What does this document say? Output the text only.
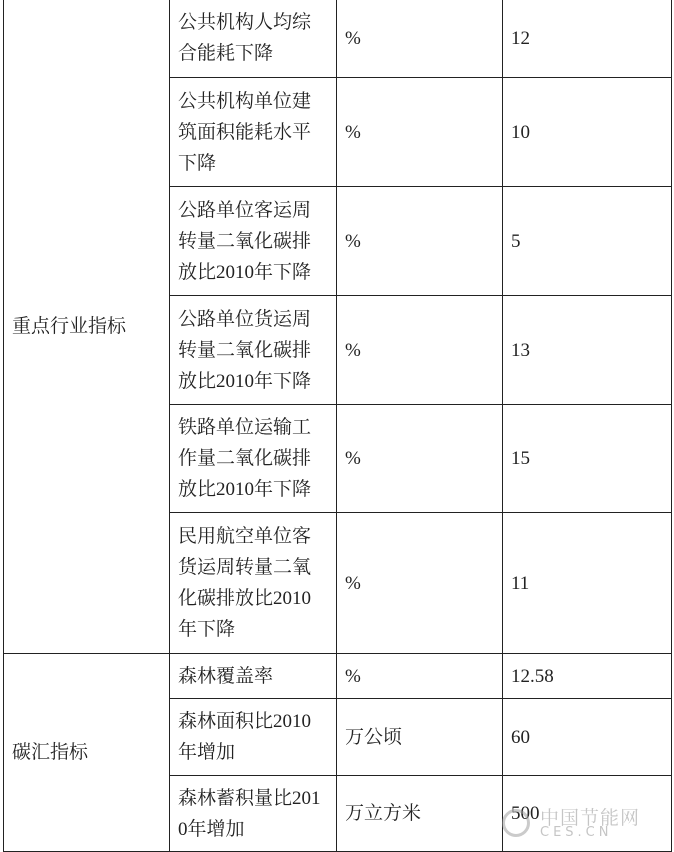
重点行业指标	公共机构人均综合能耗下降	%	12
	公共机构单位建筑面积能耗水平下降	%	10
	公路单位客运周转量二氧化碳排放比2010年下降	%	5
	公路单位货运周转量二氧化碳排放比2010年下降	%	13
	铁路单位运输工作量二氧化碳排放比2010年下降	%	15
	民用航空单位客货运周转量二氧化碳排放比2010年下降	%	11
碳汇指标	森林覆盖率	%	12.58
	森林面积比2010年增加	万公顷	60
	森林蓄积量比2010年增加	万立方米	500 中国节能网
CES.CN
